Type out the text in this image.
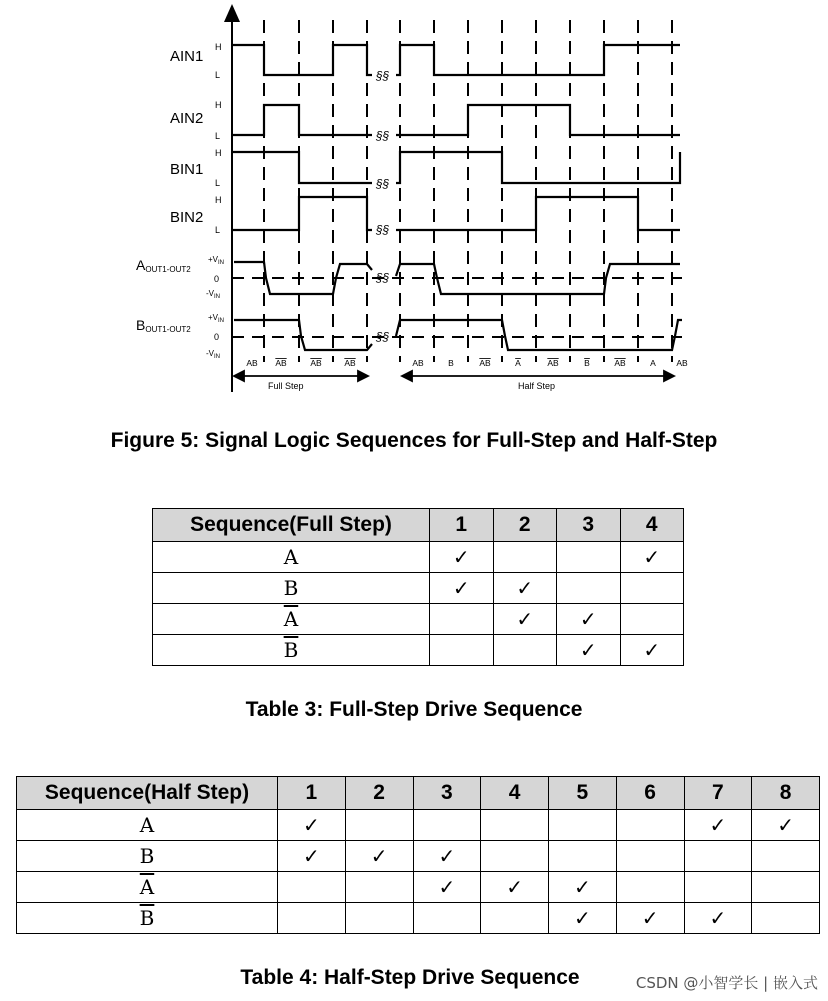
AIN1
H
L
AIN2
H
L
BIN1
H
L
BIN2
H
L
AOUT1-OUT2
$+V_{IN}$
0
$-V_{IN}$
BOUT1-OUT2
$+V_{IN}$
0
$-V_{IN}$
§§
§§
§§
§§
§§
§§
AB AB	AB	AB	AB	B	AB	A	AB	B	AB	A AB
Full Step	Half Step
Figure 5: Signal Logic Sequences for Full-Step and Half-Step
Sequence(Full Step)	1	2	3	4
A	✓			✓
B	✓	✓		
$\overline{A}$		✓	✓	
$\overline{B}$			✓	✓
Table 3: Full-Step Drive Sequence
Sequence(Half Step)	1	2	3	4	5	6	7	8
A	✓						✓	✓
B	✓	✓	✓					
$\overline{A}$			✓	✓	✓			
$\overline{B}$					✓	✓	✓	
Table 4: Half-Step Drive Sequence	CSDN @小智学长 | 嵌入式
